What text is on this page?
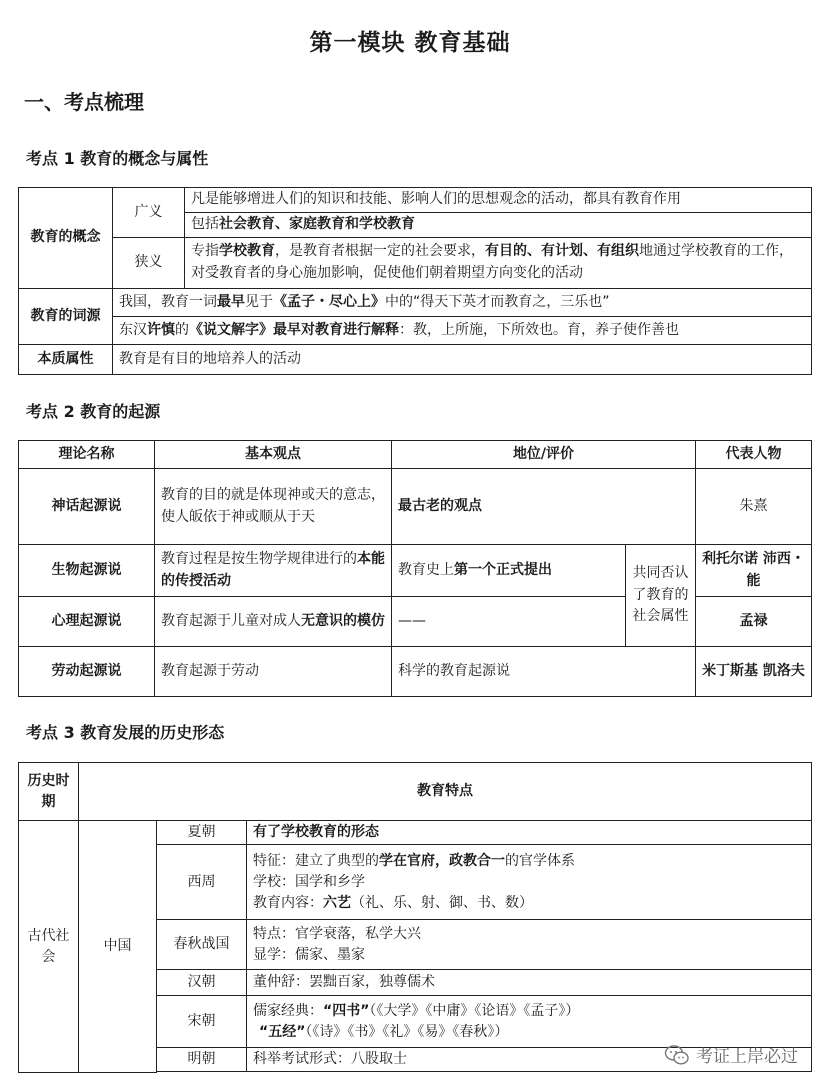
第一模块 教育基础
一、考点梳理
考点 1 教育的概念与属性
教育的概念	广义	凡是能够增进人们的知识和技能、影响人们的思想观念的活动，都具有教育作用
		包括社会教育、家庭教育和学校教育
	狭义	专指学校教育，是教育者根据一定的社会要求，有目的、有计划、有组织地通过学校教育的工作，对受教育者的身心施加影响，促使他们朝着期望方向变化的活动

教育的词源	我国，教育一词最早见于《孟子・尽心上》中的“得天下英才而教育之，三乐也”	
	东汉许慎的《说文解字》最早对教育进行解释：教，上所施，下所效也。育，养子使作善也	
本质属性	教育是有目的地培养人的活动	
考点 2 教育的起源
理论名称	基本观点	地位/评价		代表人物
神话起源说	教育的目的就是体现神或天的意志，使人皈依于神或顺从于天	最古老的观点		朱熹
生物起源说	教育过程是按生物学规律进行的本能的传授活动	教育史上第一个正式提出	共同否认了教育的社会属性	利托尔诺 沛西・能
心理起源说	教育起源于儿童对成人无意识的模仿	——		孟禄
劳动起源说	教育起源于劳动	科学的教育起源说		米丁斯基 凯洛夫
考点 3 教育发展的历史形态
历史时期	教育特点		
古代社会	中国	夏朝	有了学校教育的形态
		西周	特征：建立了典型的学在官府，政教合一的官学体系
学校：国学和乡学
教育内容：六艺（礼、乐、射、御、书、数）

		春秋战国	特点：官学衰落，私学大兴
显学：儒家、墨家

		汉朝	董仲舒：罢黜百家，独尊儒术
		宋朝	儒家经典：“四书”（《大学》《中庸》《论语》《孟子》）
“五经”（《诗》《书》《礼》《易》《春秋》）

		明朝	科举考试形式：八股取士	考证上岸必过
